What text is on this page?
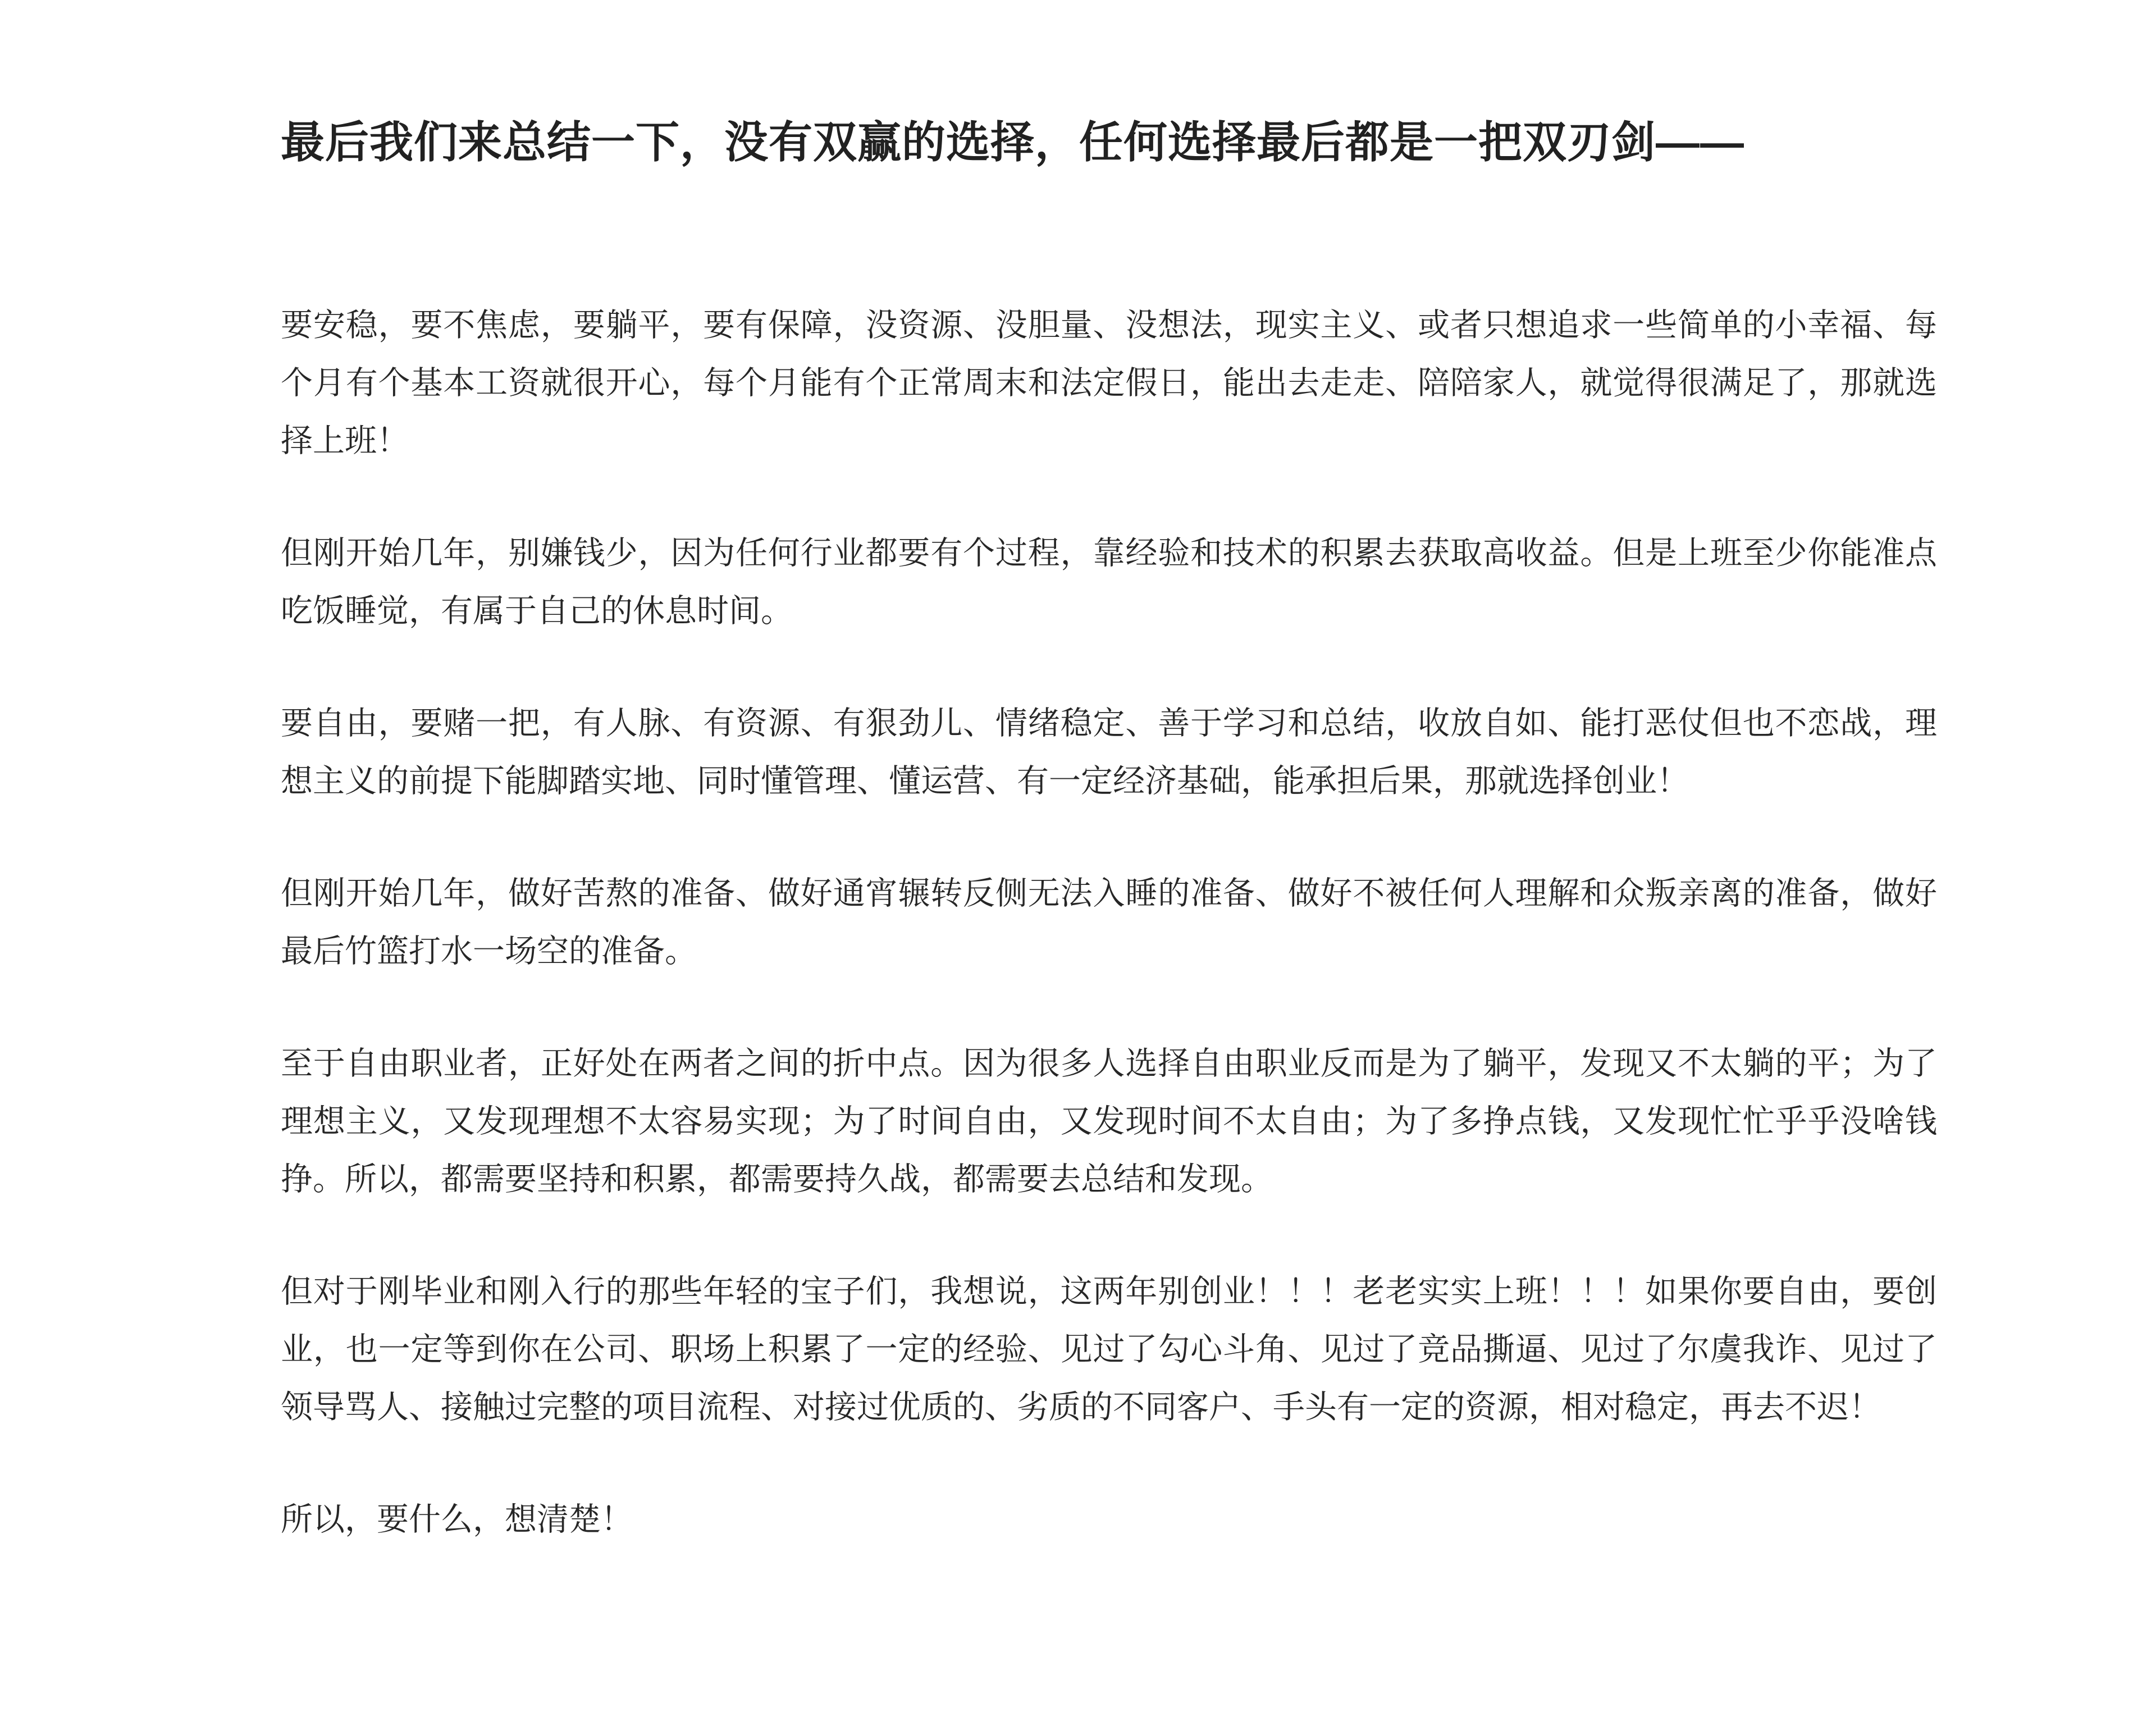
最后我们来总结一下，没有双赢的选择，任何选择最后都是一把双刃剑——

要安稳，要不焦虑，要躺平，要有保障，没资源、没胆量、没想法，现实主义、或者只想追求一些简单的小幸福、每个月有个基本工资就很开心，每个月能有个正常周末和法定假日，能出去走走、陪陪家人，就觉得很满足了，那就选择上班！

但刚开始几年，别嫌钱少，因为任何行业都要有个过程，靠经验和技术的积累去获取高收益。但是上班至少你能准点吃饭睡觉，有属于自己的休息时间。

要自由，要赌一把，有人脉、有资源、有狠劲儿、情绪稳定、善于学习和总结，收放自如、能打恶仗但也不恋战，理想主义的前提下能脚踏实地、同时懂管理、懂运营、有一定经济基础，能承担后果，那就选择创业！

但刚开始几年，做好苦熬的准备、做好通宵辗转反侧无法入睡的准备、做好不被任何人理解和众叛亲离的准备，做好最后竹篮打水一场空的准备。

至于自由职业者，正好处在两者之间的折中点。因为很多人选择自由职业反而是为了躺平，发现又不太躺的平；为了理想主义，又发现理想不太容易实现；为了时间自由，又发现时间不太自由；为了多挣点钱，又发现忙忙乎乎没啥钱挣。所以，都需要坚持和积累，都需要持久战，都需要去总结和发现。

但对于刚毕业和刚入行的那些年轻的宝子们，我想说，这两年别创业！！！老老实实上班！！！如果你要自由，要创业，也一定等到你在公司、职场上积累了一定的经验、见过了勾心斗角、见过了竞品撕逼、见过了尔虞我诈、见过了领导骂人、接触过完整的项目流程、对接过优质的、劣质的不同客户、手头有一定的资源，相对稳定，再去不迟！

所以，要什么，想清楚！
